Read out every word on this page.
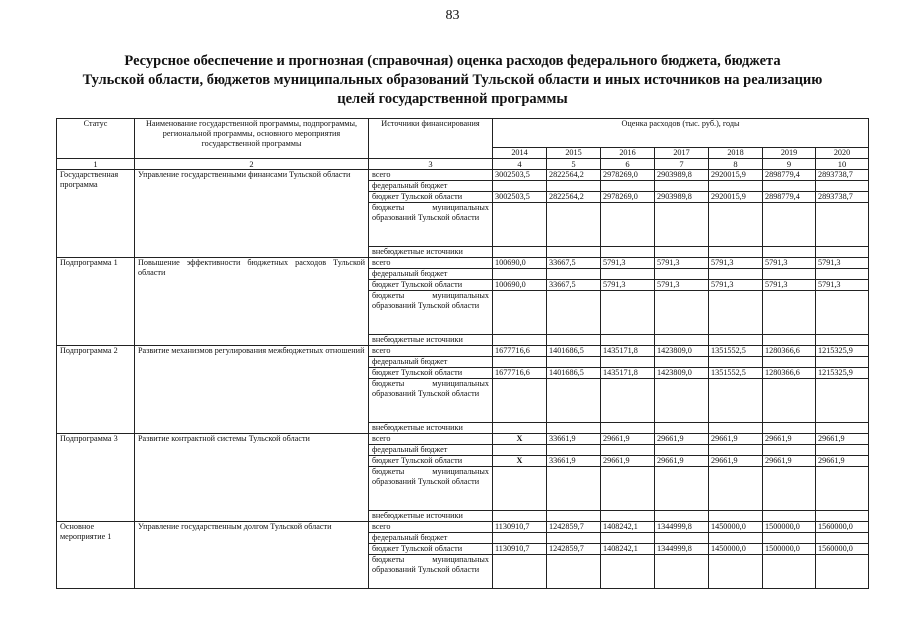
83
Ресурсное обеспечение и прогнозная (справочная) оценка расходов федерального бюджета, бюджета
Тульской области, бюджетов муниципальных образований Тульской области и иных источников на реализацию
целей государственной программы
Статус	Наименование государственной программы, подпрограммы, региональной программы, основного мероприятия государственной программы	Источники финансирования	Оценка расходов (тыс. руб.), годы						
			2014	2015	2016	2017	2018	2019	2020
1	2	3	4	5	6	7	8	9	10
Государственная программа	Управление государственными финансами Тульской области	всего	3002503,5	2822564,2	2978269,0	2903989,8	2920015,9	2898779,4	2893738,7
		федеральный бюджет							
		бюджет Тульской области	3002503,5	2822564,2	2978269,0	2903989,8	2920015,9	2898779,4	2893738,7
		бюджеты муниципальных образований Тульской области							
		внебюджетные источники							
Подпрограмма 1	Повышение эффективности бюджетных расходов Тульской области	всего	100690,0	33667,5	5791,3	5791,3	5791,3	5791,3	5791,3
		федеральный бюджет							
		бюджет Тульской области	100690,0	33667,5	5791,3	5791,3	5791,3	5791,3	5791,3
		бюджеты муниципальных образований Тульской области							
		внебюджетные источники							
Подпрограмма 2	Развитие механизмов регулирования межбюджетных отношений	всего	1677716,6	1401686,5	1435171,8	1423809,0	1351552,5	1280366,6	1215325,9
		федеральный бюджет							
		бюджет Тульской области	1677716,6	1401686,5	1435171,8	1423809,0	1351552,5	1280366,6	1215325,9
		бюджеты муниципальных образований Тульской области							
		внебюджетные источники							
Подпрограмма 3	Развитие контрактной системы Тульской области	всего	X	33661,9	29661,9	29661,9	29661,9	29661,9	29661,9
		федеральный бюджет							
		бюджет Тульской области	X	33661,9	29661,9	29661,9	29661,9	29661,9	29661,9
		бюджеты муниципальных образований Тульской области							
		внебюджетные источники							
Основное мероприятие 1	Управление государственным долгом Тульской области	всего	1130910,7	1242859,7	1408242,1	1344999,8	1450000,0	1500000,0	1560000,0
		федеральный бюджет							
		бюджет Тульской области	1130910,7	1242859,7	1408242,1	1344999,8	1450000,0	1500000,0	1560000,0
		бюджеты муниципальных образований Тульской области							
